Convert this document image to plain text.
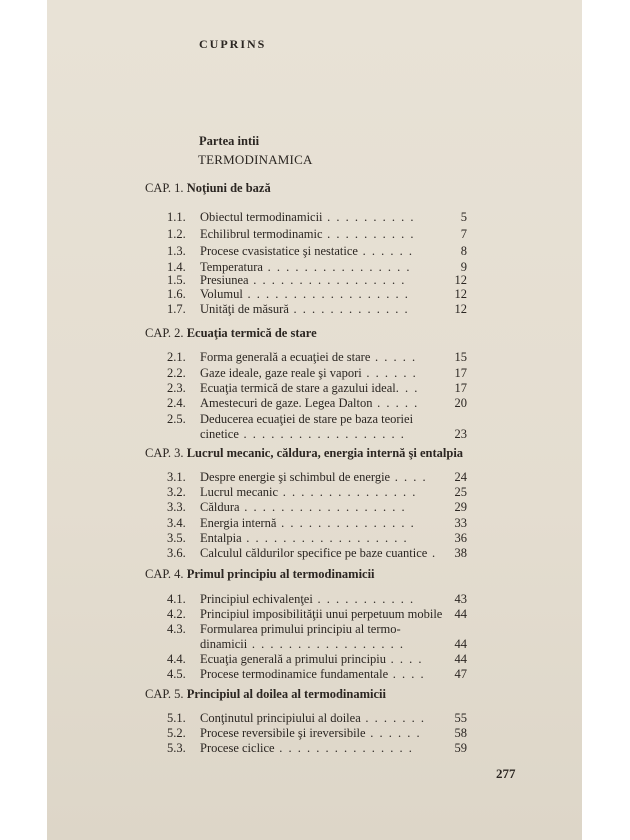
CUPRINS
Partea intii
TERMODINAMICA
CAP. 1. Noţiuni de bază
CAP. 2. Ecuaţia termică de stare
CAP. 3. Lucrul mecanic, căldura, energia internă şi entalpia
CAP. 4. Primul principiu al termodinamicii
CAP. 5. Principiul al doilea al termodinamicii
1.1. Obiectul termodinamicii . . . . . . . . . .	5
1.2. Echilibrul termodinamic . . . . . . . . . .	7
1.3. Procese cvasistatice şi nestatice . . . . . .	8
1.4. Temperatura . . . . . . . . . . . . . . . .	9
1.5. Presiunea . . . . . . . . . . . . . . . . .	12
1.6. Volumul . . . . . . . . . . . . . . . . . .	12
1.7. Unităţi de măsură . . . . . . . . . . . . .	12
2.1. Forma generală a ecuaţiei de stare . . . . .	15
2.2. Gaze ideale, gaze reale şi vapori . . . . . .	17
2.3. Ecuaţia termică de stare a gazului ideal. . .	17
2.4. Amestecuri de gaze. Legea Dalton . . . . .	20
2.5. Deducerea ecuaţiei de stare pe baza teoriei
cinetice . . . . . . . . . . . . . . . . . .	23
3.1. Despre energie şi schimbul de energie . . . . 24
3.2. Lucrul mecanic . . . . . . . . . . . . . . .	25
3.3. Căldura . . . . . . . . . . . . . . . . . .	29
3.4. Energia internă . . . . . . . . . . . . . . .	33
3.5. Entalpia . . . . . . . . . . . . . . . . . .	36
3.6. Calculul căldurilor specifice pe baze cuantice . 38
4.1. Principiul echivalenţei . . . . . . . . . . .	43
4.2. Principiul imposibilităţii unui perpetuum mobile 44
4.3. Formularea primului principiu al termo-
dinamicii . . . . . . . . . . . . . . . . .	44
4.4. Ecuaţia generală a primului principiu . . . .	44
4.5. Procese termodinamice fundamentale . . . . 47
5.1. Conţinutul principiului al doilea . . . . . . . 55
5.2. Procese reversibile şi ireversibile . . . . . .	58
5.3. Procese ciclice . . . . . . . . . . . . . . .	59
277
